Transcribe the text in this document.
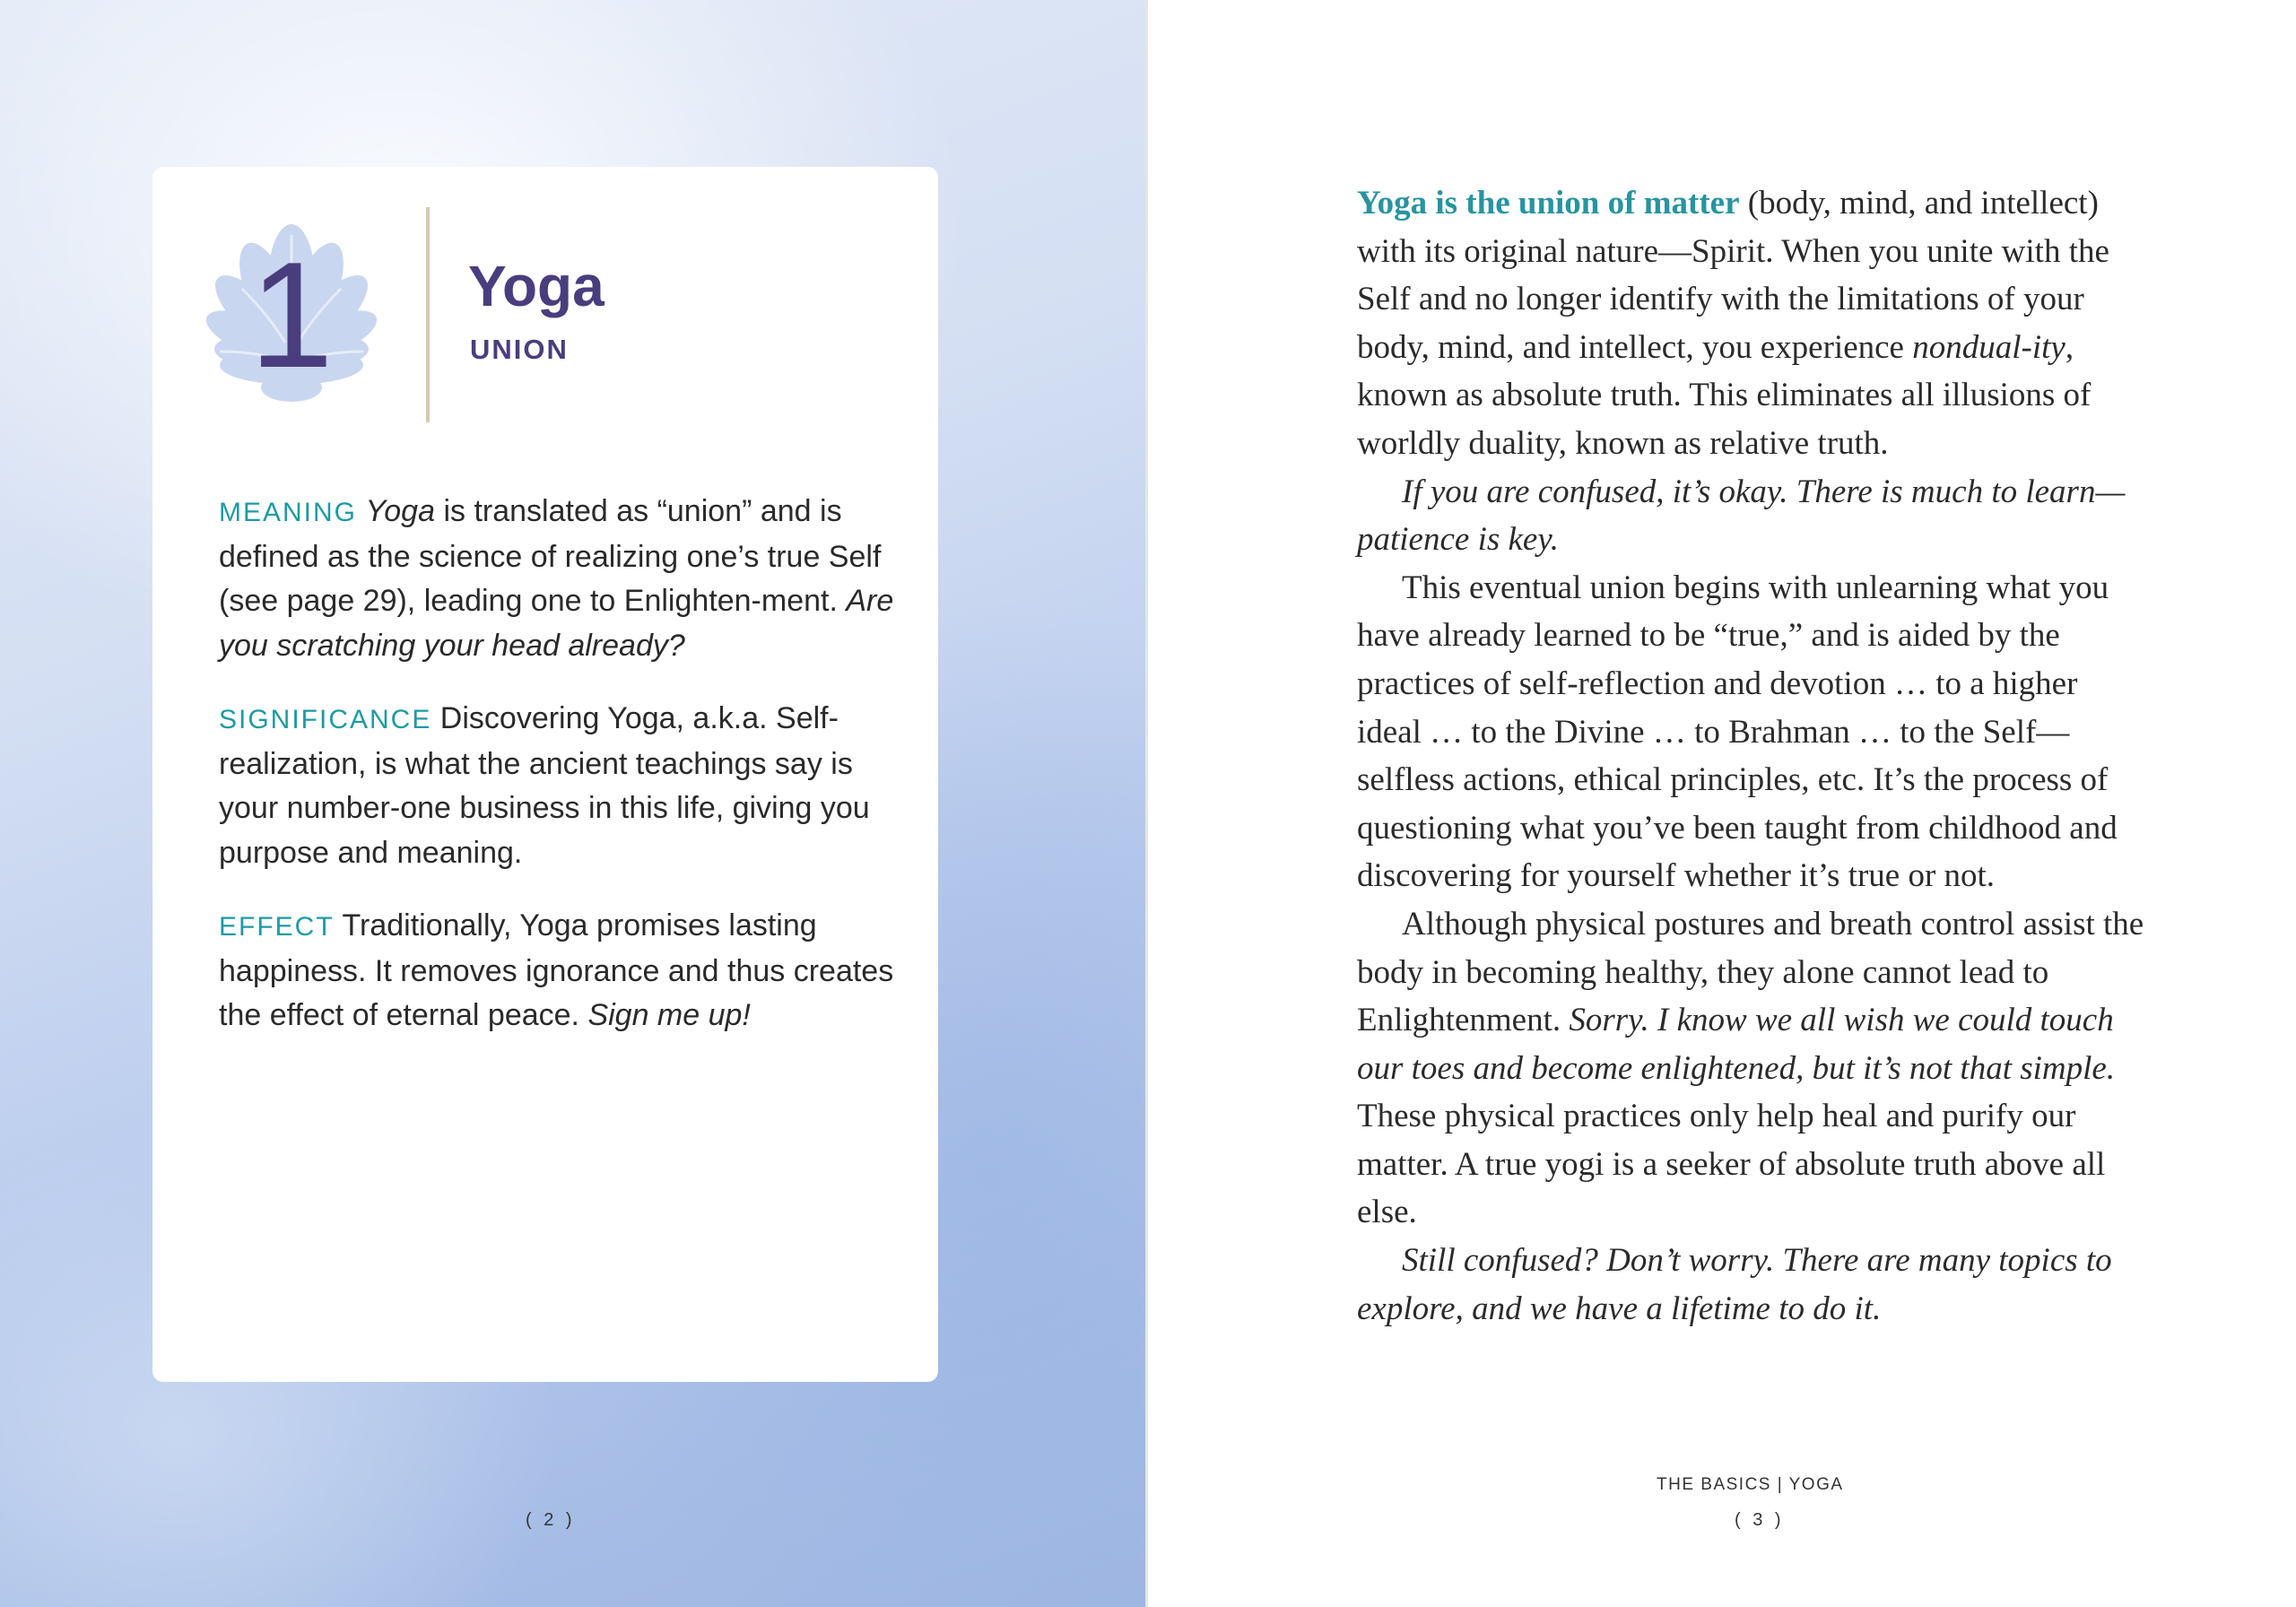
1 Yoga
UNION
MEANING Yoga is translated as “union” and is defined as the science of realizing one’s true Self (see page 29), leading one to Enlighten-ment. Are you scratching your head already?
SIGNIFICANCE Discovering Yoga, a.k.a. Self-realization, is what the ancient teachings say is your number-one business in this life, giving you purpose and meaning.
EFFECT Traditionally, Yoga promises lasting happiness. It removes ignorance and thus creates the effect of eternal peace. Sign me up!
( 2 )

Yoga is the union of matter (body, mind, and intellect) with its original nature—Spirit. When you unite with the Self and no longer identify with the limitations of your body, mind, and intellect, you experience nondual-ity, known as absolute truth. This eliminates all illusions of worldly duality, known as relative truth.

If you are confused, it’s okay. There is much to learn—patience is key.

This eventual union begins with unlearning what you have already learned to be “true,” and is aided by the practices of self-reflection and devotion … to a higher ideal … to the Divine … to Brahman … to the Self—selfless actions, ethical principles, etc. It’s the process of questioning what you’ve been taught from childhood and discovering for yourself whether it’s true or not.

Although physical postures and breath control assist the body in becoming healthy, they alone cannot lead to Enlightenment. Sorry. I know we all wish we could touch our toes and become enlightened, but it’s not that simple. These physical practices only help heal and purify our matter. A true yogi is a seeker of absolute truth above all else.

Still confused? Don’t worry. There are many topics to explore, and we have a lifetime to do it.

THE BASICS | YOGA
( 3 )
